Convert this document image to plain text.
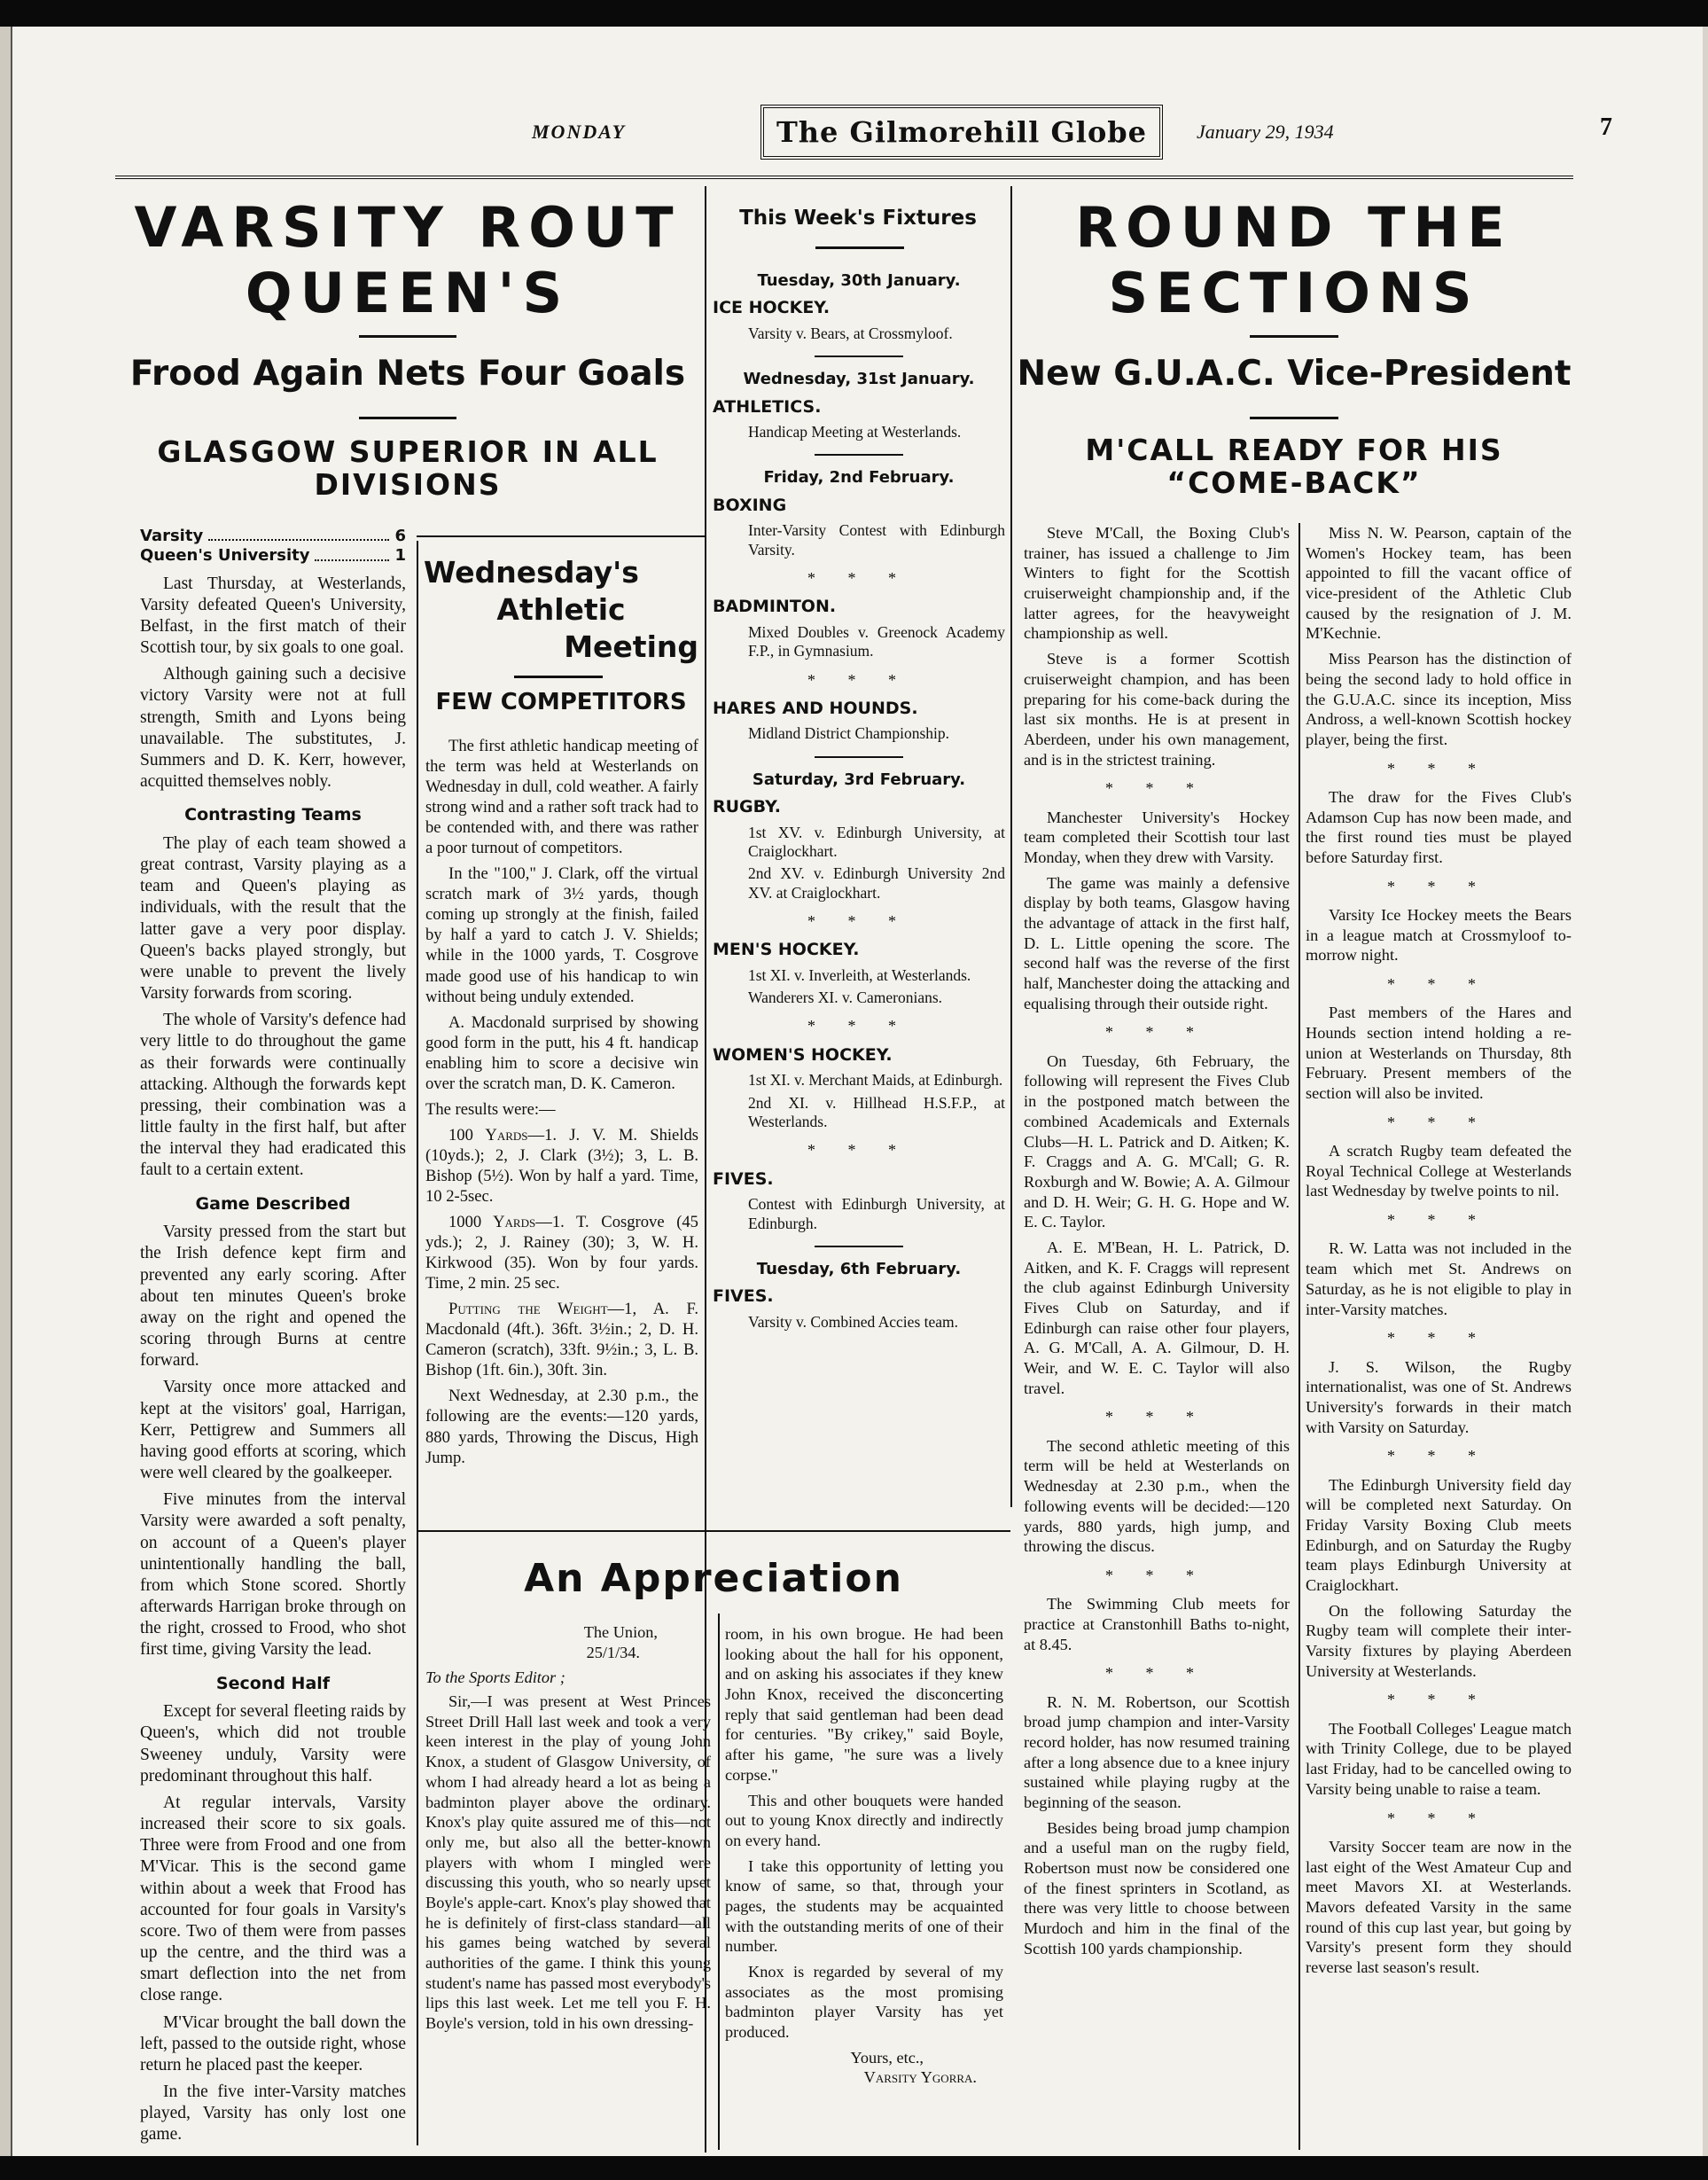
MONDAY	The Gilmorehill Globe	January 29, 1934	7
VARSITY ROUT
QUEEN'S
Frood Again Nets Four Goals
GLASGOW SUPERIOR IN ALL DIVISIONS
Varsity	6
Queen's University	1

Last Thursday, at Westerlands, Varsity defeated Queen's University, Belfast, in the first match of their Scottish tour, by six goals to one goal.

Although gaining such a decisive victory Varsity were not at full strength, Smith and Lyons being unavailable. The substitutes, J. Summers and D. K. Kerr, however, acquitted themselves nobly.

Contrasting Teams

The play of each team showed a great contrast, Varsity playing as a team and Queen's playing as individuals, with the result that the latter gave a very poor display. Queen's backs played strongly, but were unable to prevent the lively Varsity forwards from scoring.

The whole of Varsity's defence had very little to do throughout the game as their forwards were continually attacking. Although the forwards kept pressing, their combination was a little faulty in the first half, but after the interval they had eradicated this fault to a certain extent.

Game Described

Varsity pressed from the start but the Irish defence kept firm and prevented any early scoring. After about ten minutes Queen's broke away on the right and opened the scoring through Burns at centre forward.

Varsity once more attacked and kept at the visitors' goal, Harrigan, Kerr, Pettigrew and Summers all having good efforts at scoring, which were well cleared by the goalkeeper.

Five minutes from the interval Varsity were awarded a soft penalty, on account of a Queen's player unintentionally handling the ball, from which Stone scored. Shortly afterwards Harrigan broke through on the right, crossed to Frood, who shot first time, giving Varsity the lead.

Second Half

Except for several fleeting raids by Queen's, which did not trouble Sweeney unduly, Varsity were predominant throughout this half.

At regular intervals, Varsity increased their score to six goals. Three were from Frood and one from M'Vicar. This is the second game within about a week that Frood has accounted for four goals in Varsity's score. Two of them were from passes up the centre, and the third was a smart deflection into the net from close range.

M'Vicar brought the ball down the left, passed to the outside right, whose return he placed past the keeper.

In the five inter-Varsity matches played, Varsity has only lost one game.

Wednesday's
Athletic
Meeting
FEW COMPETITORS

The first athletic handicap meeting of the term was held at Westerlands on Wednesday in dull, cold weather. A fairly strong wind and a rather soft track had to be contended with, and there was rather a poor turnout of competitors.

In the "100," J. Clark, off the virtual scratch mark of 3½ yards, though coming up strongly at the finish, failed by half a yard to catch J. V. Shields; while in the 1000 yards, T. Cosgrove made good use of his handicap to win without being unduly extended.

A. Macdonald surprised by showing good form in the putt, his 4 ft. handicap enabling him to score a decisive win over the scratch man, D. K. Cameron.

The results were:—

100 Yards—1. J. V. M. Shields (10yds.); 2, J. Clark (3½); 3, L. B. Bishop (5½). Won by half a yard. Time, 10 2-5sec.

1000 Yards—1. T. Cosgrove (45 yds.); 2, J. Rainey (30); 3, W. H. Kirkwood (35). Won by four yards. Time, 2 min. 25 sec.

Putting the Weight—1, A. F. Macdonald (4ft.). 36ft. 3½in.; 2, D. H. Cameron (scratch), 33ft. 9½in.; 3, L. B. Bishop (1ft. 6in.), 30ft. 3in.

Next Wednesday, at 2.30 p.m., the following are the events:—120 yards, 880 yards, Throwing the Discus, High Jump.

This Week's Fixtures
Tuesday, 30th January.
ICE HOCKEY.
Varsity v. Bears, at Crossmyloof.
Wednesday, 31st January.
ATHLETICS.
Handicap Meeting at Westerlands.
Friday, 2nd February.
BOXING
Inter-Varsity Contest with Edinburgh Varsity.
* * *
BADMINTON.
Mixed Doubles v. Greenock Academy F.P., in Gymnasium.
* * *
HARES AND HOUNDS.
Midland District Championship.
Saturday, 3rd February.
RUGBY.
1st XV. v. Edinburgh University, at Craiglockhart.
2nd XV. v. Edinburgh University 2nd XV. at Craiglockhart.
* * *
MEN'S HOCKEY.
1st XI. v. Inverleith, at Westerlands.
Wanderers XI. v. Cameronians.
* * *
WOMEN'S HOCKEY.
1st XI. v. Merchant Maids, at Edinburgh.
2nd XI. v. Hillhead H.S.F.P., at Westerlands.
* * *
FIVES.
Contest with Edinburgh University, at Edinburgh.
Tuesday, 6th February.
FIVES.
Varsity v. Combined Accies team.
ROUND THE
SECTIONS
New G.U.A.C. Vice-President
M'CALL READY FOR HIS “COME-BACK”

Steve M'Call, the Boxing Club's trainer, has issued a challenge to Jim Winters to fight for the Scottish cruiserweight championship and, if the latter agrees, for the heavyweight championship as well.

Steve is a former Scottish cruiserweight champion, and has been preparing for his come-back during the last six months. He is at present in Aberdeen, under his own management, and is in the strictest training.

* * *

Manchester University's Hockey team completed their Scottish tour last Monday, when they drew with Varsity.

The game was mainly a defensive display by both teams, Glasgow having the advantage of attack in the first half, D. L. Little opening the score. The second half was the reverse of the first half, Manchester doing the attacking and equalising through their outside right.

* * *

On Tuesday, 6th February, the following will represent the Fives Club in the postponed match between the combined Academicals and Externals Clubs—H. L. Patrick and D. Aitken; K. F. Craggs and A. G. M'Call; G. R. Roxburgh and W. Bowie; A. A. Gilmour and D. H. Weir; G. H. G. Hope and W. E. C. Taylor.

A. E. M'Bean, H. L. Patrick, D. Aitken, and K. F. Craggs will represent the club against Edinburgh University Fives Club on Saturday, and if Edinburgh can raise other four players, A. G. M'Call, A. A. Gilmour, D. H. Weir, and W. E. C. Taylor will also travel.

* * *

The second athletic meeting of this term will be held at Westerlands on Wednesday at 2.30 p.m., when the following events will be decided:—120 yards, 880 yards, high jump, and throwing the discus.

* * *

The Swimming Club meets for practice at Cranstonhill Baths to-night, at 8.45.

* * *

R. N. M. Robertson, our Scottish broad jump champion and inter-Varsity record holder, has now resumed training after a long absence due to a knee injury sustained while playing rugby at the beginning of the season.

Besides being broad jump champion and a useful man on the rugby field, Robertson must now be considered one of the finest sprinters in Scotland, as there was very little to choose between Murdoch and him in the final of the Scottish 100 yards championship.

Miss N. W. Pearson, captain of the Women's Hockey team, has been appointed to fill the vacant office of vice-president of the Athletic Club caused by the resignation of J. M. M'Kechnie.

Miss Pearson has the distinction of being the second lady to hold office in the G.U.A.C. since its inception, Miss Andross, a well-known Scottish hockey player, being the first.

* * *

The draw for the Fives Club's Adamson Cup has now been made, and the first round ties must be played before Saturday first.

* * *

Varsity Ice Hockey meets the Bears in a league match at Crossmyloof to-morrow night.

* * *

Past members of the Hares and Hounds section intend holding a re-union at Westerlands on Thursday, 8th February. Present members of the section will also be invited.

* * *

A scratch Rugby team defeated the Royal Technical College at Westerlands last Wednesday by twelve points to nil.

* * *

R. W. Latta was not included in the team which met St. Andrews on Saturday, as he is not eligible to play in inter-Varsity matches.

* * *

J. S. Wilson, the Rugby internationalist, was one of St. Andrews University's forwards in their match with Varsity on Saturday.

* * *

The Edinburgh University field day will be completed next Saturday. On Friday Varsity Boxing Club meets Edinburgh, and on Saturday the Rugby team plays Edinburgh University at Craiglockhart.

On the following Saturday the Rugby team will complete their inter-Varsity fixtures by playing Aberdeen University at Westerlands.

* * *

The Football Colleges' League match with Trinity College, due to be played last Friday, had to be cancelled owing to Varsity being unable to raise a team.

* * *

Varsity Soccer team are now in the last eight of the West Amateur Cup and meet Mavors XI. at Westerlands. Mavors defeated Varsity in the same round of this cup last year, but going by Varsity's present form they should reverse last season's result.

An Appreciation
The Union,
25/1/34.
To the Sports Editor ;

Sir,—I was present at West Princes Street Drill Hall last week and took a very keen interest in the play of young John Knox, a student of Glasgow University, of whom I had already heard a lot as being a badminton player above the ordinary. Knox's play quite assured me of this—not only me, but also all the better-known players with whom I mingled were discussing this youth, who so nearly upset Boyle's apple-cart. Knox's play showed that he is definitely of first-class standard—all his games being watched by several authorities of the game. I think this young student's name has passed most everybody's lips this last week. Let me tell you F. H. Boyle's version, told in his own dressing-

room, in his own brogue. He had been looking about the hall for his opponent, and on asking his associates if they knew John Knox, received the disconcerting reply that said gentleman had been dead for centuries. "By crikey," said Boyle, after his game, "he sure was a lively corpse."

This and other bouquets were handed out to young Knox directly and indirectly on every hand.

I take this opportunity of letting you know of same, so that, through your pages, the students may be acquainted with the outstanding merits of one of their number.

Knox is regarded by several of my associates as the most promising badminton player Varsity has yet produced.

Yours, etc.,
Varsity Ygorra.
